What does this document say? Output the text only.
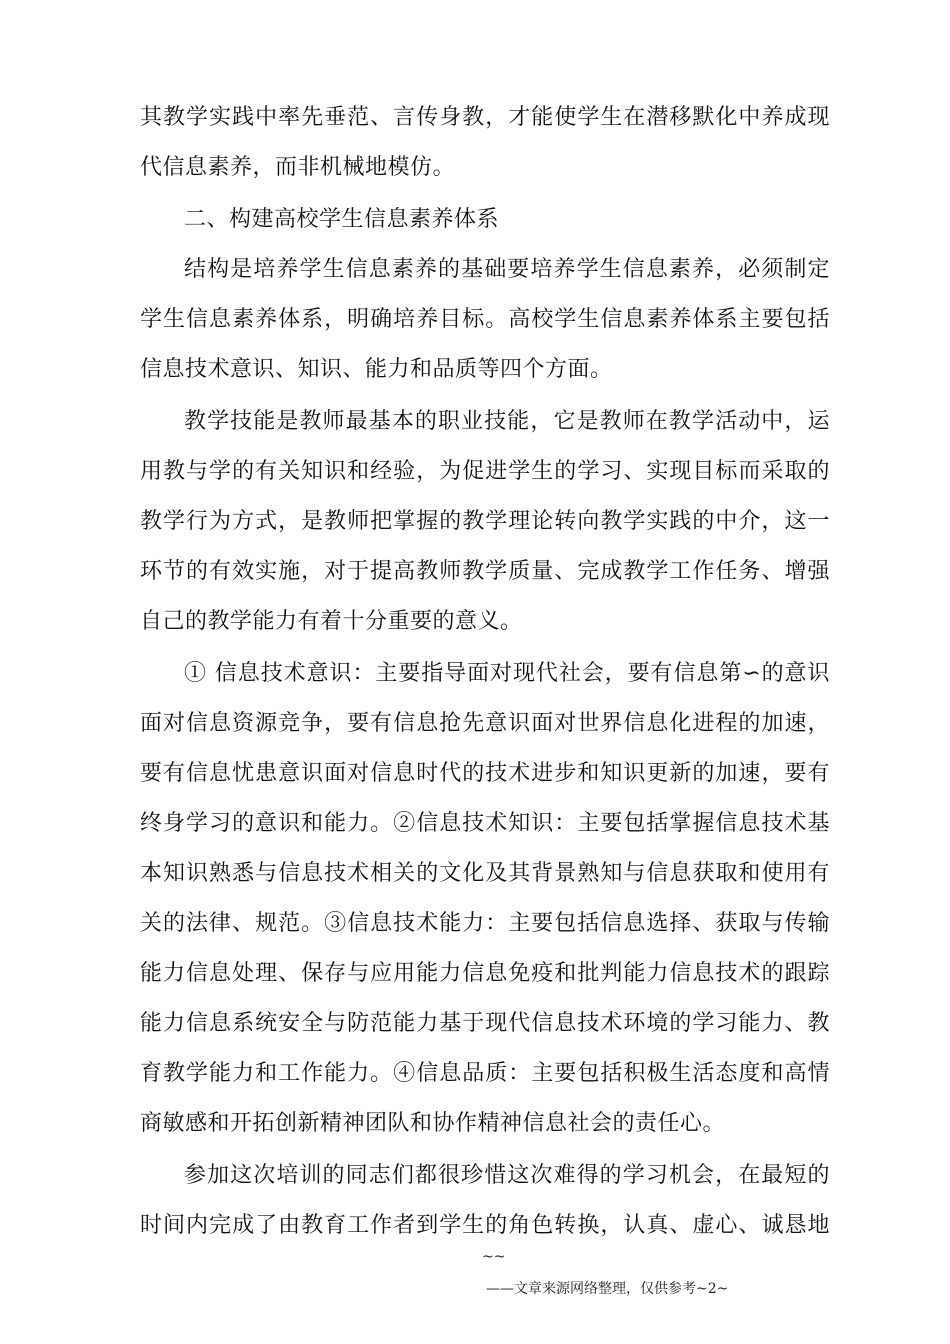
其教学实践中率先垂范、言传身教，才能使学生在潜移默化中养成现
代信息素养，而非机械地模仿。
二、构建高校学生信息素养体系
结构是培养学生信息素养的基础要培养学生信息素养，必须制定
学生信息素养体系，明确培养目标。高校学生信息素养体系主要包括
信息技术意识、知识、能力和品质等四个方面。
教学技能是教师最基本的职业技能，它是教师在教学活动中，运
用教与学的有关知识和经验，为促进学生的学习、实现目标而采取的
教学行为方式，是教师把掌握的教学理论转向教学实践的中介，这一
环节的有效实施，对于提高教师教学质量、完成教学工作任务、增强
自己的教学能力有着十分重要的意义。
① 信息技术意识：主要指导面对现代社会，要有信息第∽的意识
面对信息资源竞争，要有信息抢先意识面对世界信息化进程的加速，
要有信息忧患意识面对信息时代的技术进步和知识更新的加速，要有
终身学习的意识和能力。②信息技术知识：主要包括掌握信息技术基
本知识熟悉与信息技术相关的文化及其背景熟知与信息获取和使用有
关的法律、规范。③信息技术能力：主要包括信息选择、获取与传输
能力信息处理、保存与应用能力信息免疫和批判能力信息技术的跟踪
能力信息系统安全与防范能力基于现代信息技术环境的学习能力、教
育教学能力和工作能力。④信息品质：主要包括积极生活态度和高情
商敏感和开拓创新精神团队和协作精神信息社会的责任心。
参加这次培训的同志们都很珍惜这次难得的学习机会，在最短的
时间内完成了由教育工作者到学生的角色转换，认真、虚心、诚恳地
~~
——文章来源网络整理，仅供参考~2~
